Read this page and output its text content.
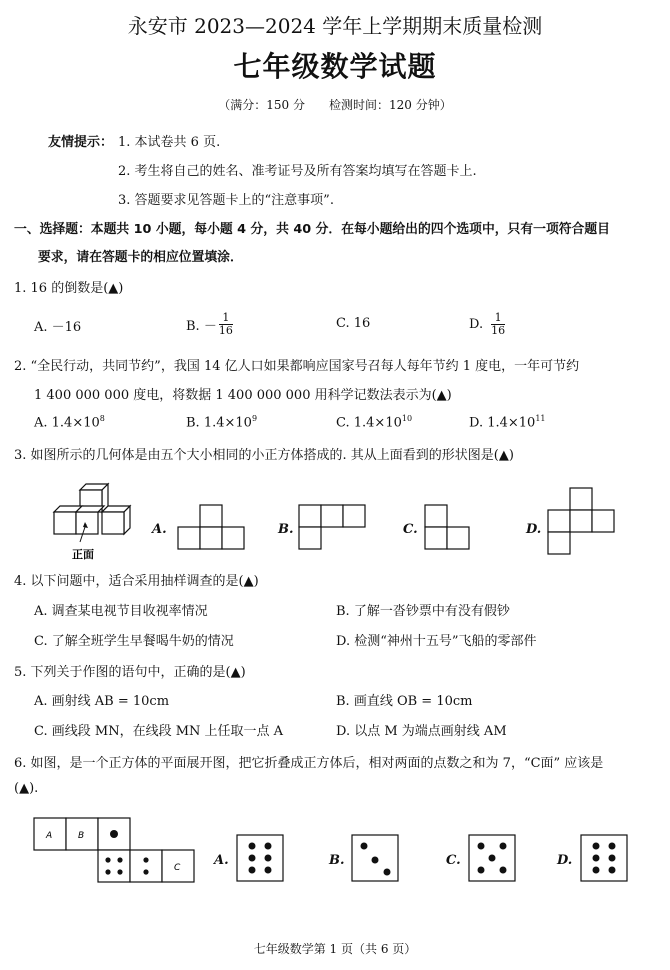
永安市 2023—2024 学年上学期期末质量检测
七年级数学试题
（满分：150 分　　检测时间：120 分钟）
友情提示： 1. 本试卷共 6 页.
2. 考生将自己的姓名、准考证号及所有答案均填写在答题卡上.
3. 答题要求见答题卡上的“注意事项”.
一、选择题：本题共 10 小题，每小题 4 分，共 40 分．在每小题给出的四个选项中，只有一项符合题目
要求，请在答题卡的相应位置填涂．
1. 16 的倒数是(▲)
A. －16	B. － $\frac{1}{16}$	C. 16	D. $\frac{1}{16}$
2. “全民行动，共同节约”，我国 14 亿人口如果都响应国家号召每人每年节约 1 度电，一年可节约
1 400 000 000 度电，将数据 1 400 000 000 用科学记数法表示为(▲)
A. $1.4\times 10^8$	B. $1.4\times 10^9$	C. $1.4\times 10^{10}$	D. $1.4\times 10^{11}$
3. 如图所示的几何体是由五个大小相同的小正方体搭成的. 其从上面看到的形状图是(▲)
正面
A.	B.	C.	D.
4. 以下问题中，适合采用抽样调查的是(▲)
A. 调查某电视节目收视率情况	B. 了解一沓钞票中有没有假钞
C. 了解全班学生早餐喝牛奶的情况	D. 检测“神州十五号”飞船的零部件
5. 下列关于作图的语句中，正确的是(▲)
A. 画射线 AB = 10cm	B. 画直线 OB = 10cm
C. 画线段 MN，在线段 MN 上任取一点 A	D. 以点 M 为端点画射线 AM
6. 如图，是一个正方体的平面展开图，把它折叠成正方体后，相对两面的点数之和为 7，“C面” 应该是
(▲).
A	B
C	A.	B.	C.	D.
七年级数学第 1 页（共 6 页）
